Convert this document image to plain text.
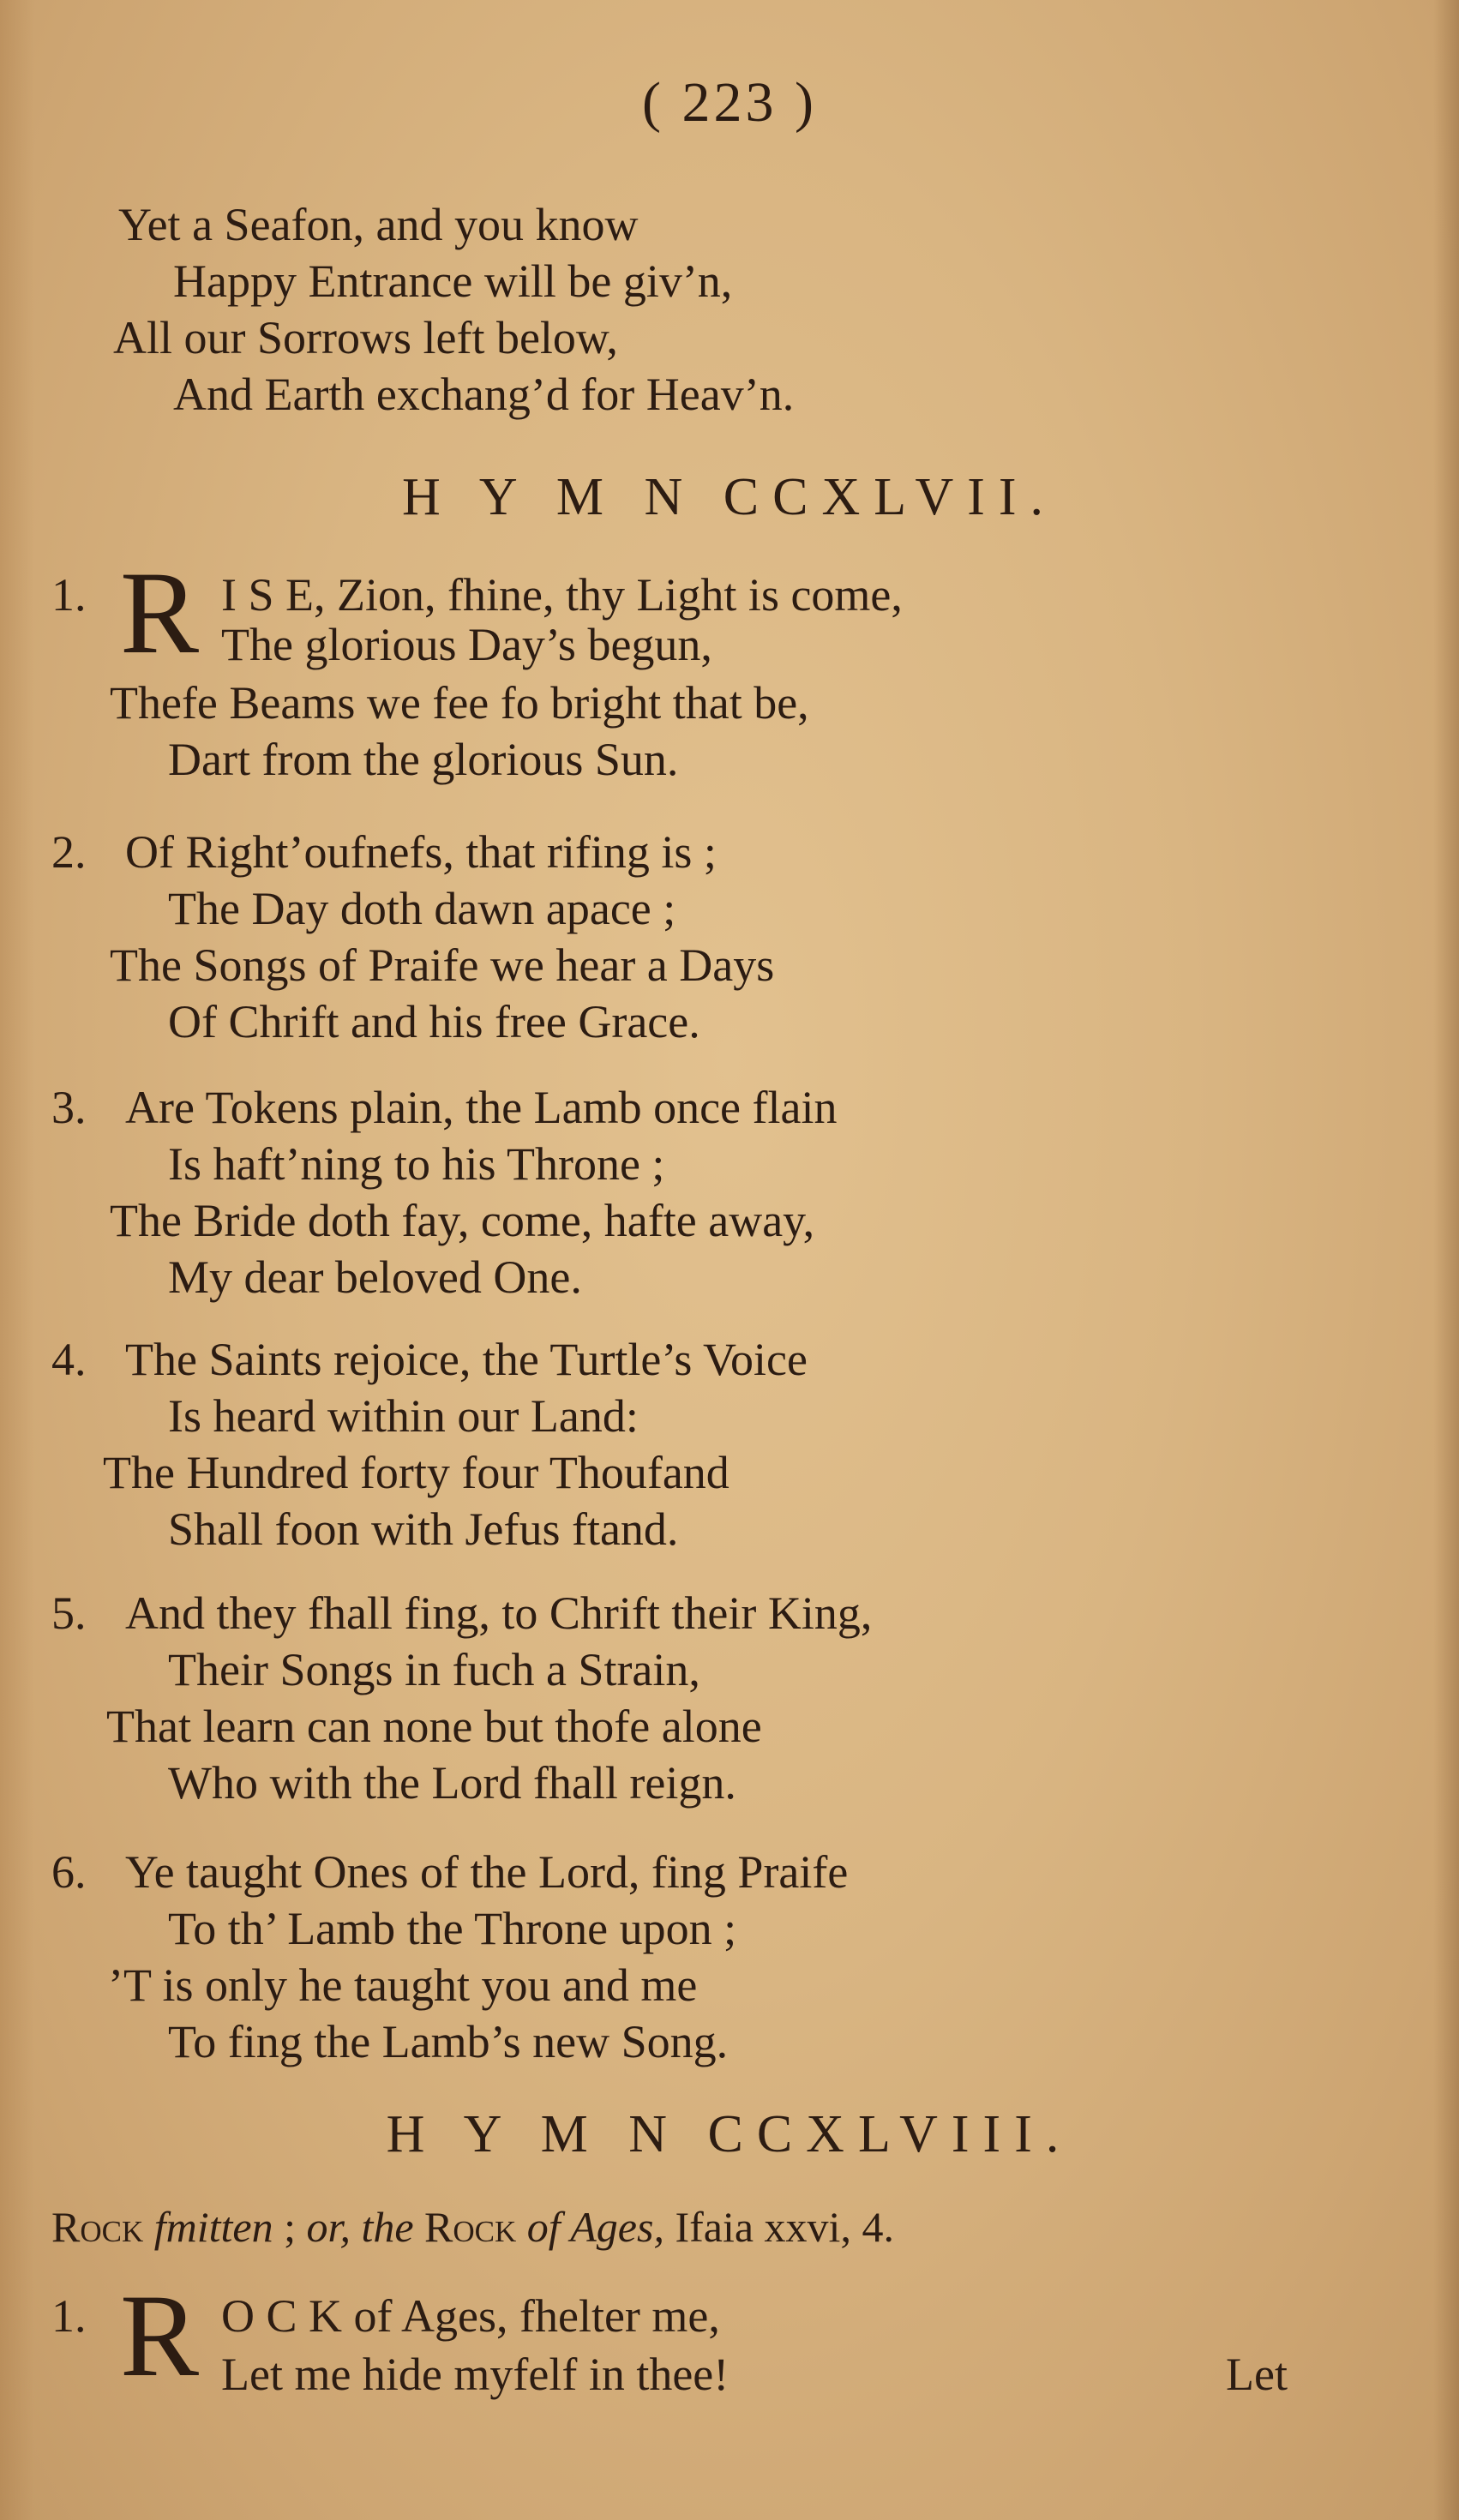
( 223 )
Yet a Seafon, and you know
Happy Entrance will be giv’n,
All our Sorrows left below,
And Earth exchang’d for Heav’n.
H Y M N CCXLVII.
1. R I S E, Zion, fhine, thy Light is come,
The glorious Day’s begun,
Thefe Beams we fee fo bright that be,
Dart from the glorious Sun.
2. Of Right’oufnefs, that rifing is ;
The Day doth dawn apace ;
The Songs of Praife we hear a Days
Of Chrift and his free Grace.
3. Are Tokens plain, the Lamb once flain
Is haft’ning to his Throne ;
The Bride doth fay, come, hafte away,
My dear beloved One.
4. The Saints rejoice, the Turtle’s Voice
Is heard within our Land:
The Hundred forty four Thoufand
Shall foon with Jefus ftand.
5. And they fhall fing, to Chrift their King,
Their Songs in fuch a Strain,
That learn can none but thofe alone
Who with the Lord fhall reign.
6. Ye taught Ones of the Lord, fing Praife
To th’ Lamb the Throne upon ;
’T is only he taught you and me
To fing the Lamb’s new Song.
H Y M N CCXLVIII.
Rock fmitten ; or, the Rock of Ages, Ifaia xxvi, 4.
1. R O C K of Ages, fhelter me,
Let me hide myfelf in thee!	Let
